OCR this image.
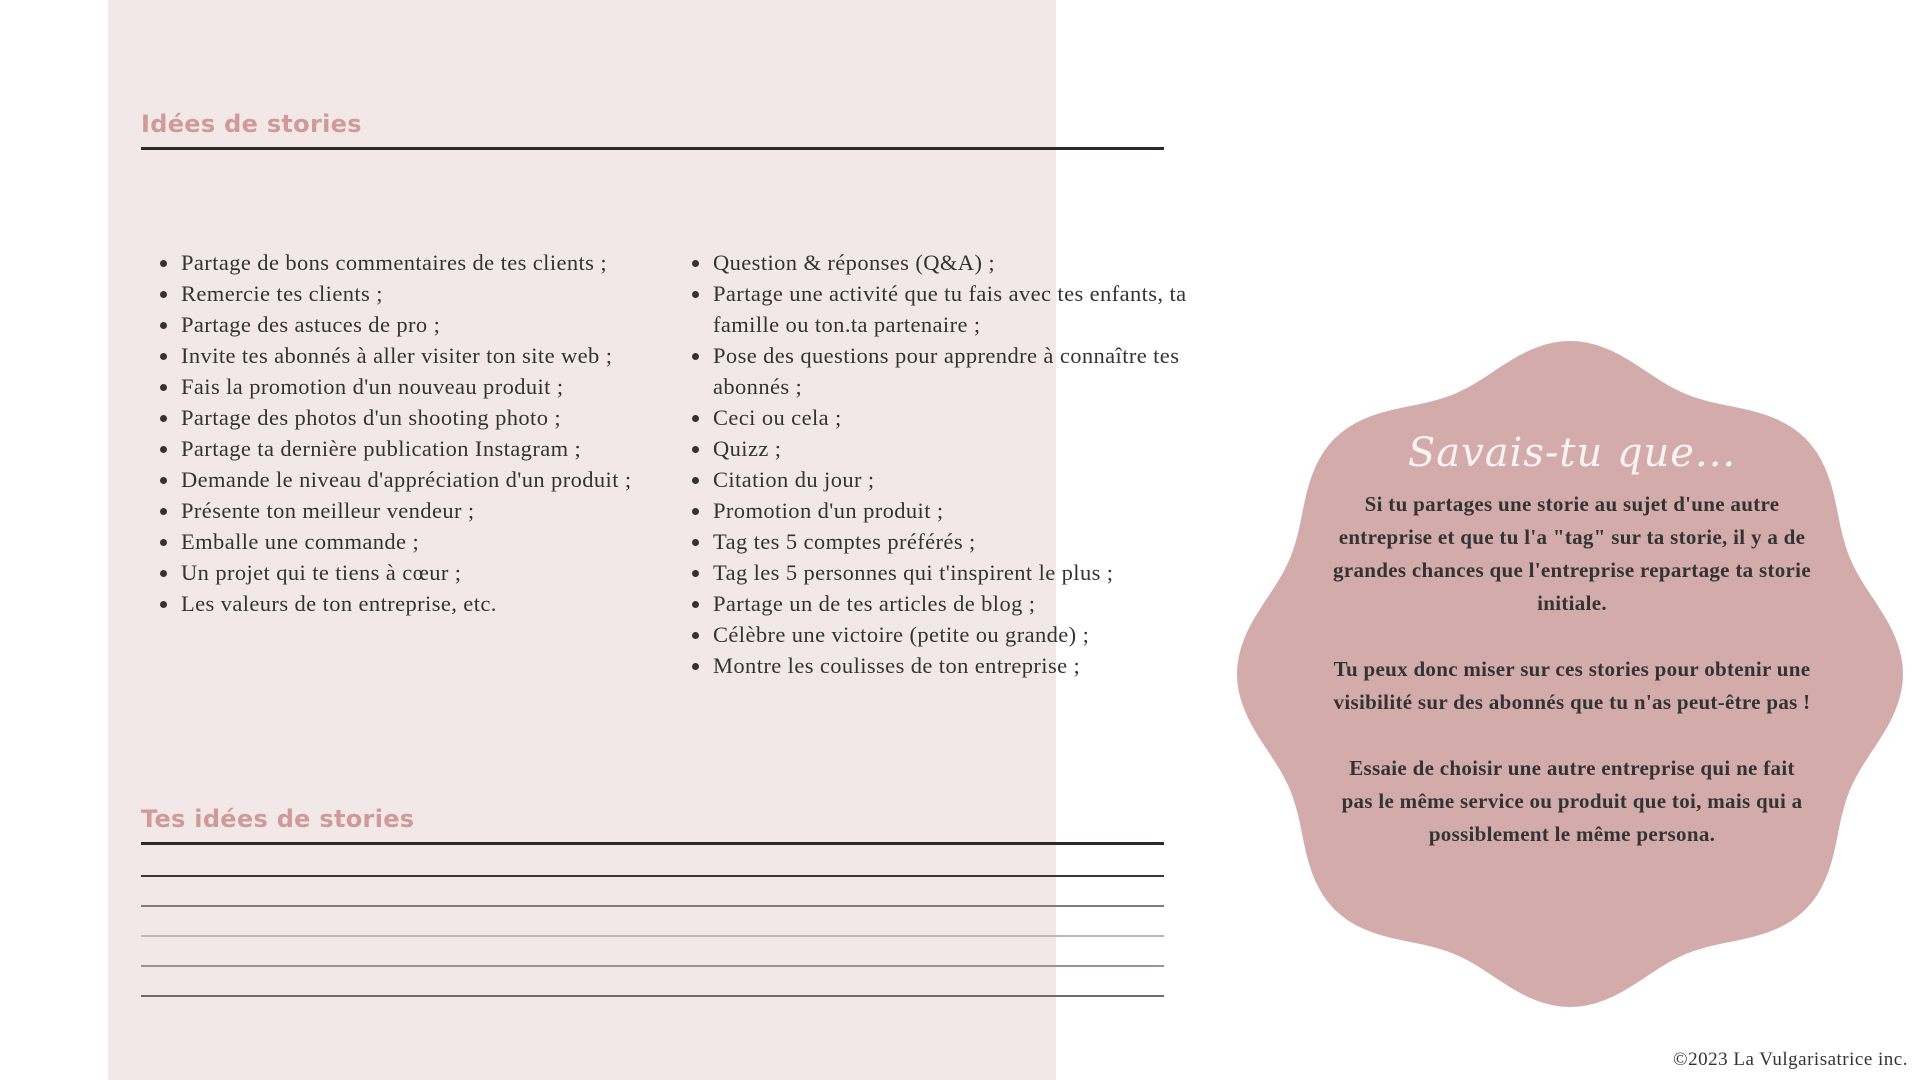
Idées de stories
Partage de bons commentaires de tes clients ;
Remercie tes clients ;
Partage des astuces de pro ;
Invite tes abonnés à aller visiter ton site web ;
Fais la promotion d'un nouveau produit ;
Partage des photos d'un shooting photo ;
Partage ta dernière publication Instagram ;
Demande le niveau d'appréciation d'un produit ;
Présente ton meilleur vendeur ;
Emballe une commande ;
Un projet qui te tiens à cœur ;
Les valeurs de ton entreprise, etc.
Question & réponses (Q&A) ;
Partage une activité que tu fais avec tes enfants, ta famille ou ton.ta partenaire ;
Pose des questions pour apprendre à connaître tes abonnés ;
Ceci ou cela ;
Quizz ;
Citation du jour ;
Promotion d'un produit ;
Tag tes 5 comptes préférés ;
Tag les 5 personnes qui t'inspirent le plus ;
Partage un de tes articles de blog ;
Célèbre une victoire (petite ou grande) ;
Montre les coulisses de ton entreprise ;
Tes idées de stories
Savais-tu que...

Si tu partages une storie au sujet d'une autre entreprise et que tu l'a "tag" sur ta storie, il y a de grandes chances que l'entreprise repartage ta storie initiale.

Tu peux donc miser sur ces stories pour obtenir une visibilité sur des abonnés que tu n'as peut-être pas !

Essaie de choisir une autre entreprise qui ne fait pas le même service ou produit que toi, mais qui a possiblement le même persona.

©2023 La Vulgarisatrice inc.
